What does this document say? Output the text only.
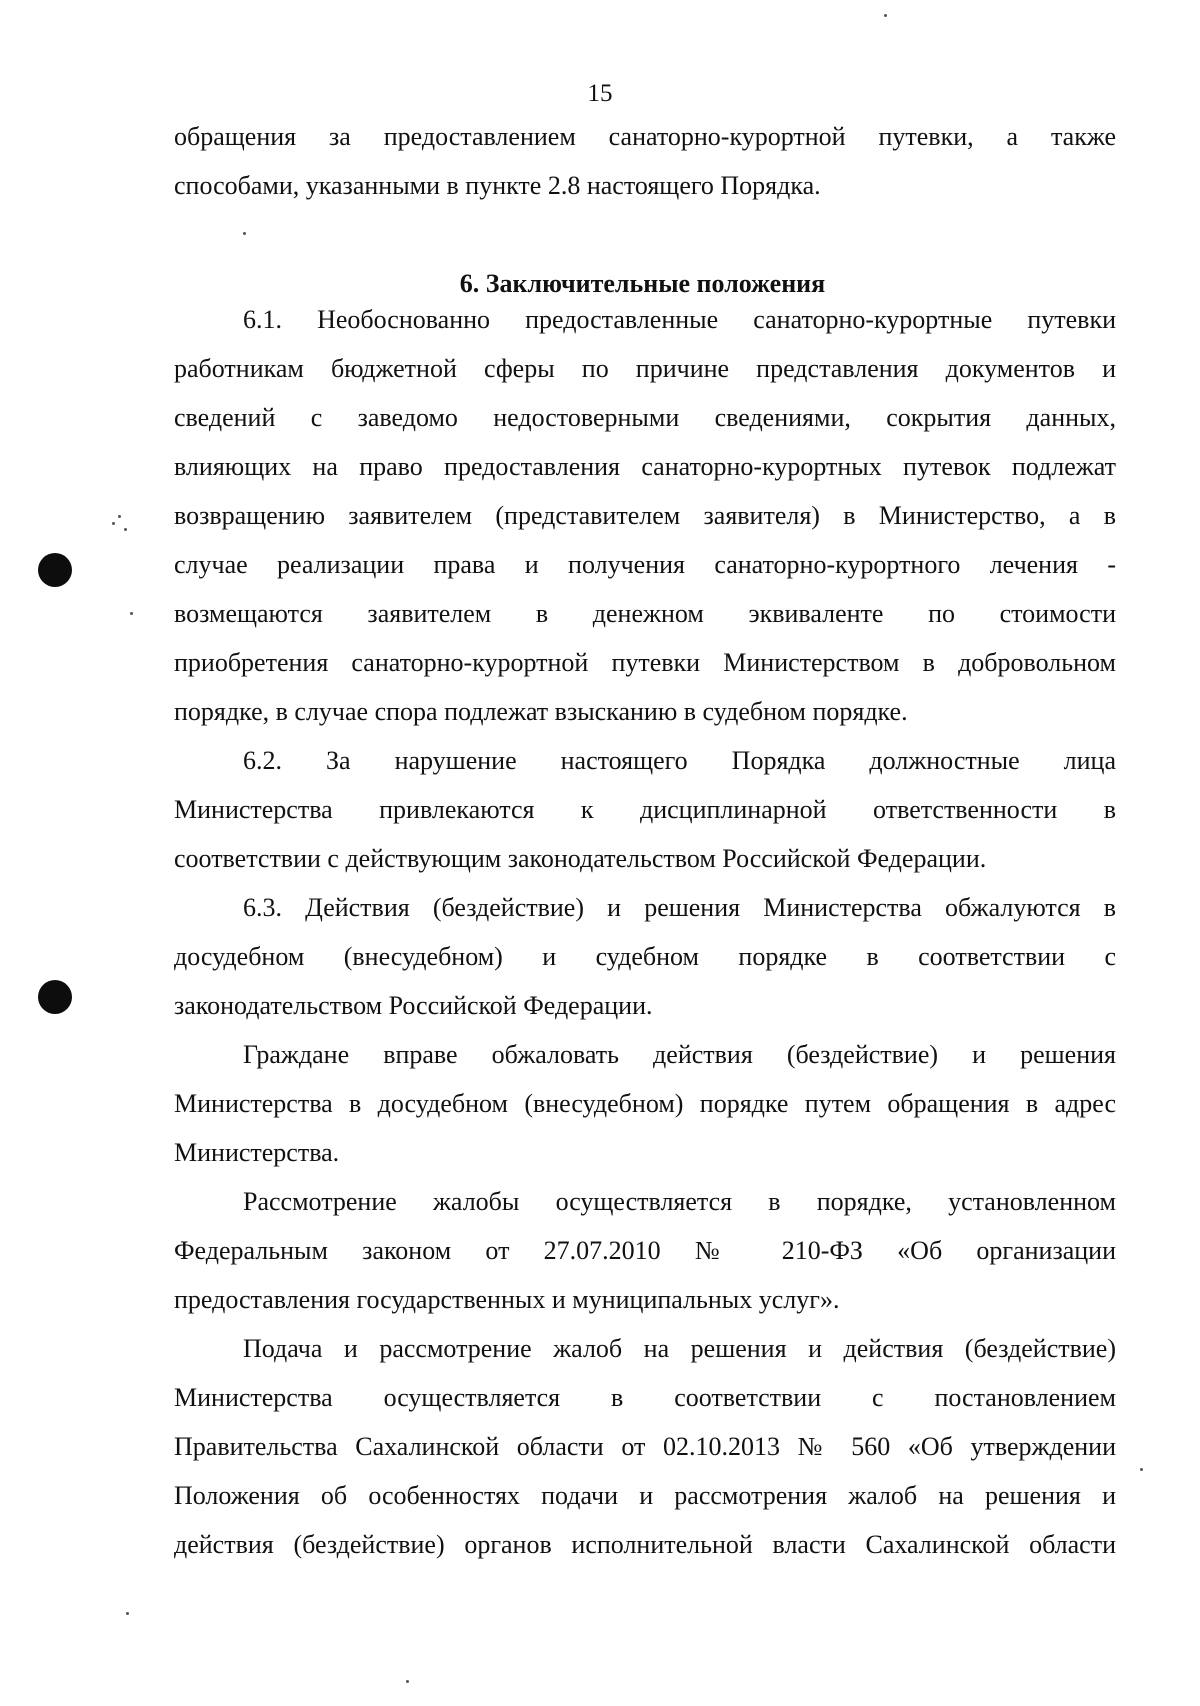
15
обращения за предоставлением санаторно-курортной путевки, а также
способами, указанными в пункте 2.8 настоящего Порядка.
6. Заключительные положения
6.1. Необоснованно предоставленные санаторно-курортные путевки
работникам бюджетной сферы по причине представления документов и
сведений с заведомо недостоверными сведениями, сокрытия данных,
влияющих на право предоставления санаторно-курортных путевок подлежат
возвращению заявителем (представителем заявителя) в Министерство, а в
случае реализации права и получения санаторно-курортного лечения -
возмещаются заявителем в денежном эквиваленте по стоимости
приобретения санаторно-курортной путевки Министерством в добровольном
порядке, в случае спора подлежат взысканию в судебном порядке.
6.2. За нарушение настоящего Порядка должностные лица
Министерства привлекаются к дисциплинарной ответственности в
соответствии с действующим законодательством Российской Федерации.
6.3. Действия (бездействие) и решения Министерства обжалуются в
досудебном (внесудебном) и судебном порядке в соответствии с
законодательством Российской Федерации.
Граждане вправе обжаловать действия (бездействие) и решения
Министерства в досудебном (внесудебном) порядке путем обращения в адрес
Министерства.
Рассмотрение жалобы осуществляется в порядке, установленном
Федеральным законом от 27.07.2010 № 210-ФЗ «Об организации
предоставления государственных и муниципальных услуг».
Подача и рассмотрение жалоб на решения и действия (бездействие)
Министерства осуществляется в соответствии с постановлением
Правительства Сахалинской области от 02.10.2013 № 560 «Об утверждении
Положения об особенностях подачи и рассмотрения жалоб на решения и
действия (бездействие) органов исполнительной власти Сахалинской области
